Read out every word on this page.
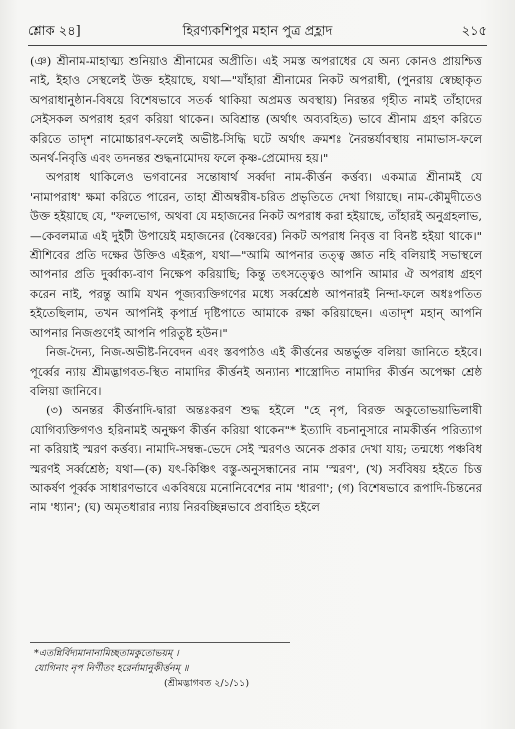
শ্লোক ২৪]	হিরণ্যকশিপুর মহান পুত্র প্রহ্লাদ	২১৫

(ঞ) শ্রীনাম-মাহাত্ম্য শুনিয়াও শ্রীনামের অপ্রীতি। এই সমস্ত অপরাধের যে অন্য কোনও প্রায়শ্চিত্ত নাই, ইহাও সেস্থলেই উক্ত হইয়াছে, যথা—"যাঁহারা শ্রীনামের নিকট অপরাধী, (পুনরায় স্বেচ্ছাকৃত অপরাধানুষ্ঠান-বিষয়ে বিশেষভাবে সতর্ক থাকিয়া অপ্রমত্ত অবস্থায়) নিরন্তর গৃহীত নামই তাঁহাদের সেইসকল অপরাধ হরণ করিয়া থাকেন। অবিশ্রান্ত (অর্থাৎ অব্যবহিত) ভাবে শ্রীনাম গ্রহণ করিতে করিতে তাদৃশ নামোচ্চারণ-ফলেই অভীষ্ট-সিদ্ধি ঘটে অর্থাৎ ক্রমশঃ নৈরন্তর্যাবস্থায় নামাভাস-ফলে অনর্থ-নিবৃত্তি এবং তদনন্তর শুদ্ধনামোদয় ফলে কৃষ্ণ-প্রেমোদয় হয়।"

অপরাধ থাকিলেও ভগবানের সন্তোষার্থ সর্ব্বদা নাম-কীর্ত্তন কর্ত্তব্য। একমাত্র শ্রীনামই যে 'নামাপরাধ' ক্ষমা করিতে পারেন, তাহা শ্রীঅম্বরীষ-চরিত প্রভৃতিতে দেখা গিয়াছে। নাম-কৌমুদীতেও উক্ত হইয়াছে যে, "ফলভোগ, অথবা যে মহাজনের নিকট অপরাধ করা হইয়াছে, তাঁহারই অনুগ্রহলাভ,—কেবলমাত্র এই দুইটী উপায়েই মহাজনের (বৈষ্ণবের) নিকট অপরাধ নিবৃত্ত বা বিনষ্ট হইয়া থাকে।" শ্রীশিবের প্রতি দক্ষের উক্তিও এইরূপ, যথা—"আমি আপনার তত্ত্ব জ্ঞাত নহি বলিয়াই সভাস্থলে আপনার প্রতি দুর্ব্বাক্য-বাণ নিক্ষেপ করিয়াছি; কিন্তু তৎসত্ত্বেও আপনি আমার ঐ অপরাধ গ্রহণ করেন নাই, পরন্তু আমি যখন পূজ্যব্যক্তিগণের মধ্যে সর্ব্বশ্রেষ্ঠ আপনারই নিন্দা-ফলে অধঃপতিত হইতেছিলাম, তখন আপনিই কৃপার্দ্র দৃষ্টিপাতে আমাকে রক্ষা করিয়াছেন। এতাদৃশ মহান্ আপনি আপনার নিজগুণেই আপনি পরিতুষ্ট হউন।"

নিজ-দৈন্য, নিজ-অভীষ্ট-নিবেদন এবং স্তবপাঠও এই কীর্ত্তনের অন্তর্ভুক্ত বলিয়া জানিতে হইবে। পূর্ব্বের ন্যায় শ্রীমদ্ভাগবত-স্থিত নামাদির কীর্ত্তনই অন্যান্য শাস্ত্রোদিত নামাদির কীর্ত্তন অপেক্ষা শ্রেষ্ঠ বলিয়া জানিবে।

(৩) অনন্তর কীর্ত্তনাদি-দ্বারা অন্তঃকরণ শুদ্ধ হইলে "হে নৃপ, বিরক্ত অকুতোভয়াভিলাষী যোগিব্যক্তিগণও হরিনামই অনুক্ষণ কীর্ত্তন করিয়া থাকেন"* ইত্যাদি বচনানুসারে নামকীর্ত্তন পরিত্যাগ না করিয়াই স্মরণ কর্ত্তব্য। নামাদি-সম্বন্ধ-ভেদে সেই স্মরণও অনেক প্রকার দেখা যায়; তন্মধ্যে পঞ্চবিধ স্মরণই সর্ব্বশ্রেষ্ঠ; যথা—(ক) যৎ-কিঞ্চিৎ বস্তু-অনুসন্ধানের নাম 'স্মরণ', (খ) সর্ববিষয় হইতে চিত্ত আকর্ষণ পূর্ব্বক সাধারণভাবে একবিষয়ে মনোনিবেশের নাম 'ধারণা'; (গ) বিশেষভাবে রূপাদি-চিন্তনের নাম 'ধ্যান'; (ঘ) অমৃতধারার ন্যায় নিরবচ্ছিন্নভাবে প্রবাহিত হইলে

*এতন্নির্বিদ্যমানানামিচ্ছতামকুতোভয়ম্ ।
যোগিনাং নৃপ নির্ণীতং হরের্নামানুকীর্ত্তনম্ ॥
(শ্রীমদ্ভাগবত ২/১/১১)
